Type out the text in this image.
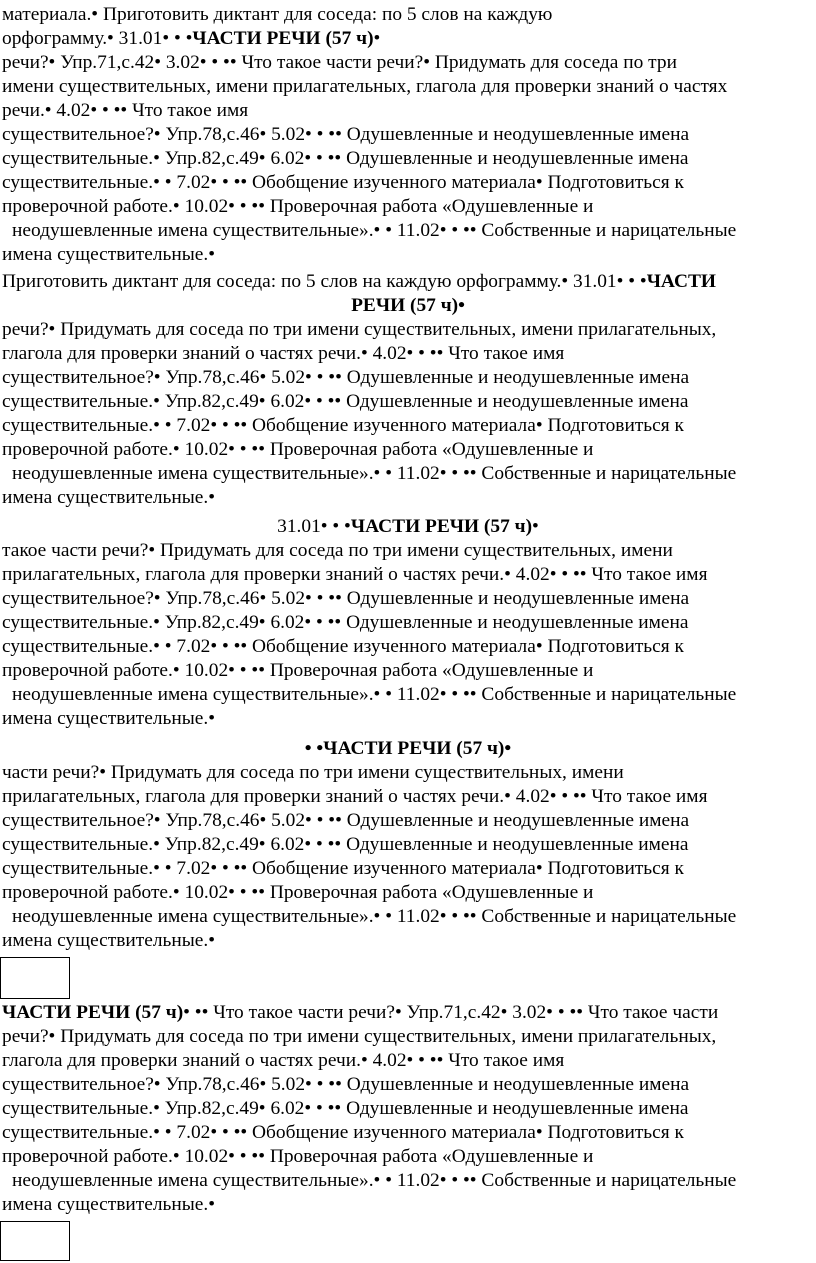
материала.• Приготовить диктант для соседа: по 5 слов на каждую
орфограмму.• 31.01• • •ЧАСТИ РЕЧИ (57 ч)•
речи?• Упр.71,с.42• 3.02• • •• Что такое части речи?• Придумать для соседа по три
имени существительных, имени прилагательных, глагола для проверки знаний о частях
речи.• 4.02• • •• Что такое имя
существительное?• Упр.78,с.46• 5.02• • •• Одушевленные и неодушевленные имена
существительные.• Упр.82,с.49• 6.02• • •• Одушевленные и неодушевленные имена
существительные.• • 7.02• • •• Обобщение изученного материала• Подготовиться к
проверочной работе.• 10.02• • •• Проверочная работа «Одушевленные и
неодушевленные имена существительные».• • 11.02• • •• Собственные и нарицательные
имена существительные.•
Приготовить диктант для соседа: по 5 слов на каждую орфограмму.• 31.01• • •ЧАСТИ
РЕЧИ (57 ч)•
речи?• Придумать для соседа по три имени существительных, имени прилагательных,
глагола для проверки знаний о частях речи.• 4.02• • •• Что такое имя
существительное?• Упр.78,с.46• 5.02• • •• Одушевленные и неодушевленные имена
существительные.• Упр.82,с.49• 6.02• • •• Одушевленные и неодушевленные имена
существительные.• • 7.02• • •• Обобщение изученного материала• Подготовиться к
проверочной работе.• 10.02• • •• Проверочная работа «Одушевленные и
неодушевленные имена существительные».• • 11.02• • •• Собственные и нарицательные
имена существительные.•
31.01• • •ЧАСТИ РЕЧИ (57 ч)•
такое части речи?• Придумать для соседа по три имени существительных, имени
прилагательных, глагола для проверки знаний о частях речи.• 4.02• • •• Что такое имя
существительное?• Упр.78,с.46• 5.02• • •• Одушевленные и неодушевленные имена
существительные.• Упр.82,с.49• 6.02• • •• Одушевленные и неодушевленные имена
существительные.• • 7.02• • •• Обобщение изученного материала• Подготовиться к
проверочной работе.• 10.02• • •• Проверочная работа «Одушевленные и
неодушевленные имена существительные».• • 11.02• • •• Собственные и нарицательные
имена существительные.•
• •ЧАСТИ РЕЧИ (57 ч)•
части речи?• Придумать для соседа по три имени существительных, имени
прилагательных, глагола для проверки знаний о частях речи.• 4.02• • •• Что такое имя
существительное?• Упр.78,с.46• 5.02• • •• Одушевленные и неодушевленные имена
существительные.• Упр.82,с.49• 6.02• • •• Одушевленные и неодушевленные имена
существительные.• • 7.02• • •• Обобщение изученного материала• Подготовиться к
проверочной работе.• 10.02• • •• Проверочная работа «Одушевленные и
неодушевленные имена существительные».• • 11.02• • •• Собственные и нарицательные
имена существительные.•
ЧАСТИ РЕЧИ (57 ч)• •• Что такое части речи?• Упр.71,с.42• 3.02• • •• Что такое части
речи?• Придумать для соседа по три имени существительных, имени прилагательных,
глагола для проверки знаний о частях речи.• 4.02• • •• Что такое имя
существительное?• Упр.78,с.46• 5.02• • •• Одушевленные и неодушевленные имена
существительные.• Упр.82,с.49• 6.02• • •• Одушевленные и неодушевленные имена
существительные.• • 7.02• • •• Обобщение изученного материала• Подготовиться к
проверочной работе.• 10.02• • •• Проверочная работа «Одушевленные и
неодушевленные имена существительные».• • 11.02• • •• Собственные и нарицательные
имена существительные.•
